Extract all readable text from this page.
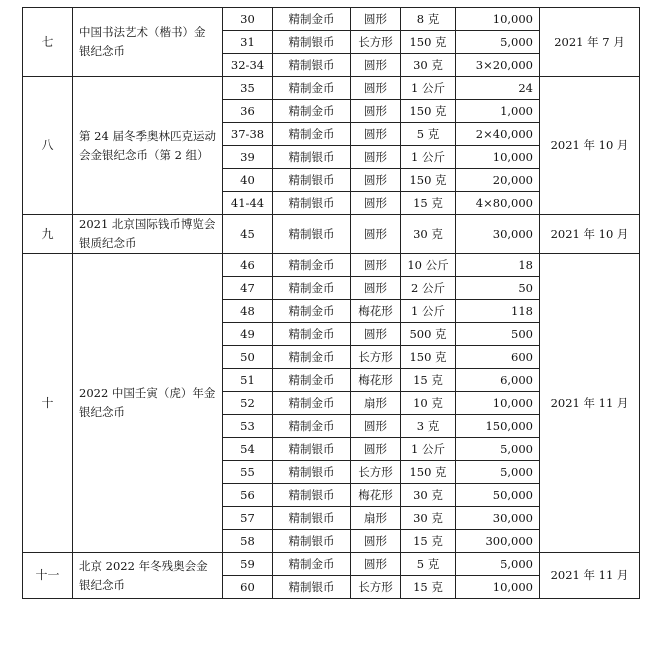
七	中国书法艺术（楷书）金银纪念币	30	精制金币	圆形	8 克	10,000	2021 年 7 月
		31	精制银币	长方形	150 克	5,000	
		32-34	精制银币	圆形	30 克	3×20,000	
八	第 24 届冬季奥林匹克运动会金银纪念币（第 2 组）	35	精制金币	圆形	1 公斤	24	2021 年 10 月
		36	精制金币	圆形	150 克	1,000	
		37-38	精制金币	圆形	5 克	2×40,000	
		39	精制银币	圆形	1 公斤	10,000	
		40	精制银币	圆形	150 克	20,000	
		41-44	精制银币	圆形	15 克	4×80,000	
九	2021 北京国际钱币博览会银质纪念币	45	精制银币	圆形	30 克	30,000	2021 年 10 月
十	2022 中国壬寅（虎）年金银纪念币	46	精制金币	圆形	10 公斤	18	2021 年 11 月
		47	精制金币	圆形	2 公斤	50	
		48	精制金币	梅花形	1 公斤	118	
		49	精制金币	圆形	500 克	500	
		50	精制金币	长方形	150 克	600	
		51	精制金币	梅花形	15 克	6,000	
		52	精制金币	扇形	10 克	10,000	
		53	精制金币	圆形	3 克	150,000	
		54	精制银币	圆形	1 公斤	5,000	
		55	精制银币	长方形	150 克	5,000	
		56	精制银币	梅花形	30 克	50,000	
		57	精制银币	扇形	30 克	30,000	
		58	精制银币	圆形	15 克	300,000	
十一	北京 2022 年冬残奥会金银纪念币	59	精制金币	圆形	5 克	5,000	2021 年 11 月
		60	精制银币	长方形	15 克	10,000	
